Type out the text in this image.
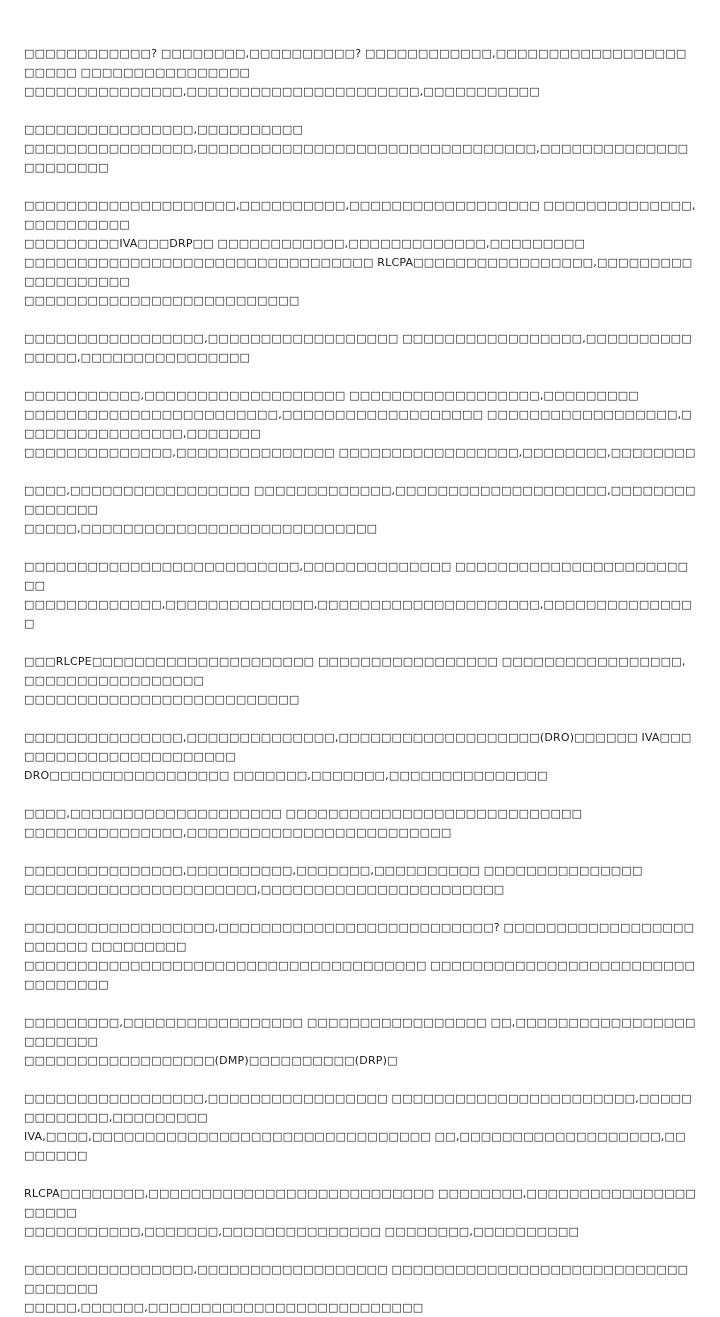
□□□□□□□□□□□□? □□□□□□□□,□□□□□□□□□□? □□□□□□□□□□□□,□□□□□□□□□□□□□□□□□□□□□□□ □□□□□□□□□□□□□□□□
□□□□□□□□□□□□□□□,□□□□□□□□□□□□□□□□□□□□□□,□□□□□□□□□□□

□□□□□□□□□□□□□□□□,□□□□□□□□□□
□□□□□□□□□□□□□□□□,□□□□□□□□□□□□□□□□□□□□□□□□□□□□□□□□,□□□□□□□□□□□□□□□□□□□□□□

□□□□□□□□□□□□□□□□□□□□,□□□□□□□□□□,□□□□□□□□□□□□□□□□□□ □□□□□□□□□□□□□□,□□□□□□□□□□
□□□□□□□□□IVA□□□DRP□□ □□□□□□□□□□□□,□□□□□□□□□□□□□,□□□□□□□□□
□□□□□□□□□□□□□□□□□□□□□□□□□□□□□□□□□ RLCPA□□□□□□□□□□□□□□□□□,□□□□□□□□□□□□□□□□□□□
□□□□□□□□□□□□□□□□□□□□□□□□□□

□□□□□□□□□□□□□□□□□,□□□□□□□□□□□□□□□□□□ □□□□□□□□□□□□□□□□□,□□□□□□□□□□□□□□□,□□□□□□□□□□□□□□□□

□□□□□□□□□□□,□□□□□□□□□□□□□□□□□□□ □□□□□□□□□□□□□□□□□□,□□□□□□□□□
□□□□□□□□□□□□□□□□□□□□□□□□,□□□□□□□□□□□□□□□□□□□ □□□□□□□□□□□□□□□□□□,□□□□□□□□□□□□□□□□,□□□□□□□
□□□□□□□□□□□□□□,□□□□□□□□□□□□□□□ □□□□□□□□□□□□□□□□□,□□□□□□□□,□□□□□□□□

□□□□,□□□□□□□□□□□□□□□□□ □□□□□□□□□□□□□,□□□□□□□□□□□□□□□□□□□□,□□□□□□□□□□□□□□□
□□□□□,□□□□□□□□□□□□□□□□□□□□□□□□□□□□

□□□□□□□□□□□□□□□□□□□□□□□□□□,□□□□□□□□□□□□□□ □□□□□□□□□□□□□□□□□□□□□□□□
□□□□□□□□□□□□□,□□□□□□□□□□□□□□,□□□□□□□□□□□□□□□□□□□□□,□□□□□□□□□□□□□□□

□□□RLCPE□□□□□□□□□□□□□□□□□□□□□ □□□□□□□□□□□□□□□□□ □□□□□□□□□□□□□□□□□,□□□□□□□□□□□□□□□□□
□□□□□□□□□□□□□□□□□□□□□□□□□□

□□□□□□□□□□□□□□□,□□□□□□□□□□□□□□,□□□□□□□□□□□□□□□□□□□(DRO)□□□□□□ IVA□□□□□□□□□□□□□□□□□□□□□□□
DRO□□□□□□□□□□□□□□□□□ □□□□□□□,□□□□□□□,□□□□□□□□□□□□□□□

□□□□,□□□□□□□□□□□□□□□□□□□□ □□□□□□□□□□□□□□□□□□□□□□□□□□□□
□□□□□□□□□□□□□□□,□□□□□□□□□□□□□□□□□□□□□□□□□

□□□□□□□□□□□□□□□,□□□□□□□□□□,□□□□□□□,□□□□□□□□□□ □□□□□□□□□□□□□□□
□□□□□□□□□□□□□□□□□□□□□□,□□□□□□□□□□□□□□□□□□□□□□□

□□□□□□□□□□□□□□□□□□,□□□□□□□□□□□□□□□□□□□□□□□□□□? □□□□□□□□□□□□□□□□□□□□□□□□ □□□□□□□□□
□□□□□□□□□□□□□□□□□□□□□□□□□□□□□□□□□□□□□□ □□□□□□□□□□□□□□□□□□□□□□□□□□□□□□□□□

□□□□□□□□□,□□□□□□□□□□□□□□□□□ □□□□□□□□□□□□□□□□□ □□,□□□□□□□□□□□□□□□□□□□□□□□□
□□□□□□□□□□□□□□□□□□(DMP)□□□□□□□□□□(DRP)□

□□□□□□□□□□□□□□□□□,□□□□□□□□□□□□□□□□□ □□□□□□□□□□□□□□□□□□□□□□□,□□□□□□□□□□□□□,□□□□□□□□□
IVA,□□□□,□□□□□□□□□□□□□□□□□□□□□□□□□□□□□□□□ □□,□□□□□□□□□□□□□□□□□□□,□□□□□□□□

RLCPA□□□□□□□□,□□□□□□□□□□□□□□□□□□□□□□□□□□□ □□□□□□□□,□□□□□□□□□□□□□□□□□□□□□
□□□□□□□□□□□,□□□□□□□,□□□□□□□□□□□□□□□ □□□□□□□□,□□□□□□□□□□

□□□□□□□□□□□□□□□□,□□□□□□□□□□□□□□□□□□ □□□□□□□□□□□□□□□□□□□□□□□□□□□□□□□□□□□
□□□□□,□□□□□□,□□□□□□□□□□□□□□□□□□□□□□□□□□
